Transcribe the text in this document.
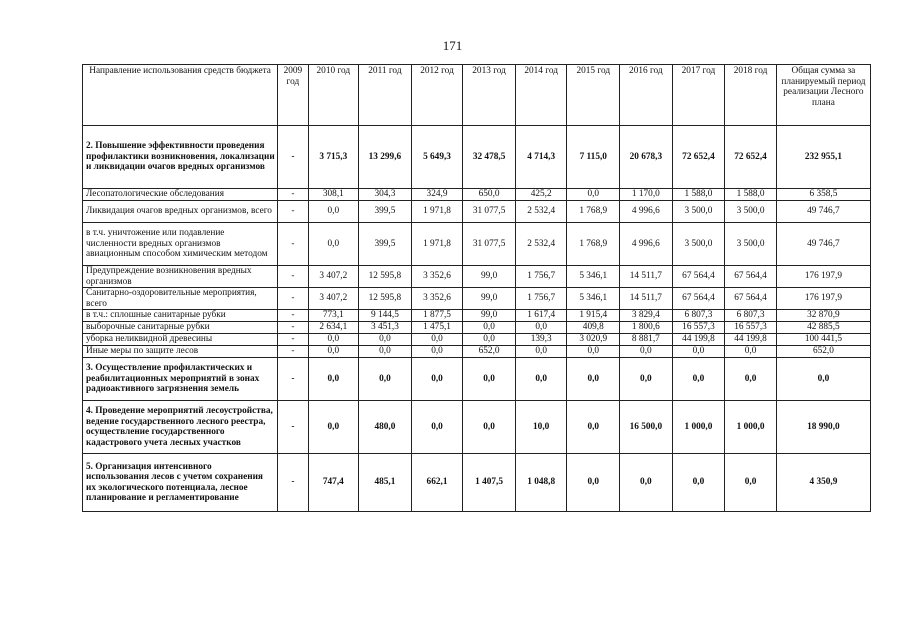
171
Направление использования средств бюджета	2009 год	2010 год	2011 год	2012 год	2013 год	2014 год	2015 год	2016 год	2017 год	2018 год	Общая сумма за планируемый период реализации Лесного плана
2. Повышение эффективности проведения профилактики возникновения, локализации и ликвидации очагов вредных организмов	-	3 715,3	13 299,6	5 649,3	32 478,5	4 714,3	7 115,0	20 678,3	72 652,4	72 652,4	232 955,1
Лесопатологические обследования	-	308,1	304,3	324,9	650,0	425,2	0,0	1 170,0	1 588,0	1 588,0	6 358,5
Ликвидация очагов вредных организмов, всего	-	0,0	399,5	1 971,8	31 077,5	2 532,4	1 768,9	4 996,6	3 500,0	3 500,0	49 746,7
в т.ч. уничтожение или подавление численности вредных организмов авиационным способом химическим методом	-	0,0	399,5	1 971,8	31 077,5	2 532,4	1 768,9	4 996,6	3 500,0	3 500,0	49 746,7
Предупреждение возникновения вредных организмов	-	3 407,2	12 595,8	3 352,6	99,0	1 756,7	5 346,1	14 511,7	67 564,4	67 564,4	176 197,9
Санитарно-оздоровительные мероприятия, всего	-	3 407,2	12 595,8	3 352,6	99,0	1 756,7	5 346,1	14 511,7	67 564,4	67 564,4	176 197,9
в т.ч.: сплошные санитарные рубки	-	773,1	9 144,5	1 877,5	99,0	1 617,4	1 915,4	3 829,4	6 807,3	6 807,3	32 870,9
выборочные санитарные рубки	-	2 634,1	3 451,3	1 475,1	0,0	0,0	409,8	1 800,6	16 557,3	16 557,3	42 885,5
уборка неликвидной древесины	-	0,0	0,0	0,0	0,0	139,3	3 020,9	8 881,7	44 199,8	44 199,8	100 441,5
Иные меры по защите лесов	-	0,0	0,0	0,0	652,0	0,0	0,0	0,0	0,0	0,0	652,0
3. Осуществление профилактических и реабилитационных мероприятий в зонах радиоактивного загрязнения земель	-	0,0	0,0	0,0	0,0	0,0	0,0	0,0	0,0	0,0	0,0
4. Проведение мероприятий лесоустройства, ведение государственного лесного реестра, осуществление государственного кадастрового учета лесных участков	-	0,0	480,0	0,0	0,0	10,0	0,0	16 500,0	1 000,0	1 000,0	18 990,0
5. Организация интенсивного использования лесов с учетом сохранения их экологического потенциала, лесное планирование и регламентирование	-	747,4	485,1	662,1	1 407,5	1 048,8	0,0	0,0	0,0	0,0	4 350,9
